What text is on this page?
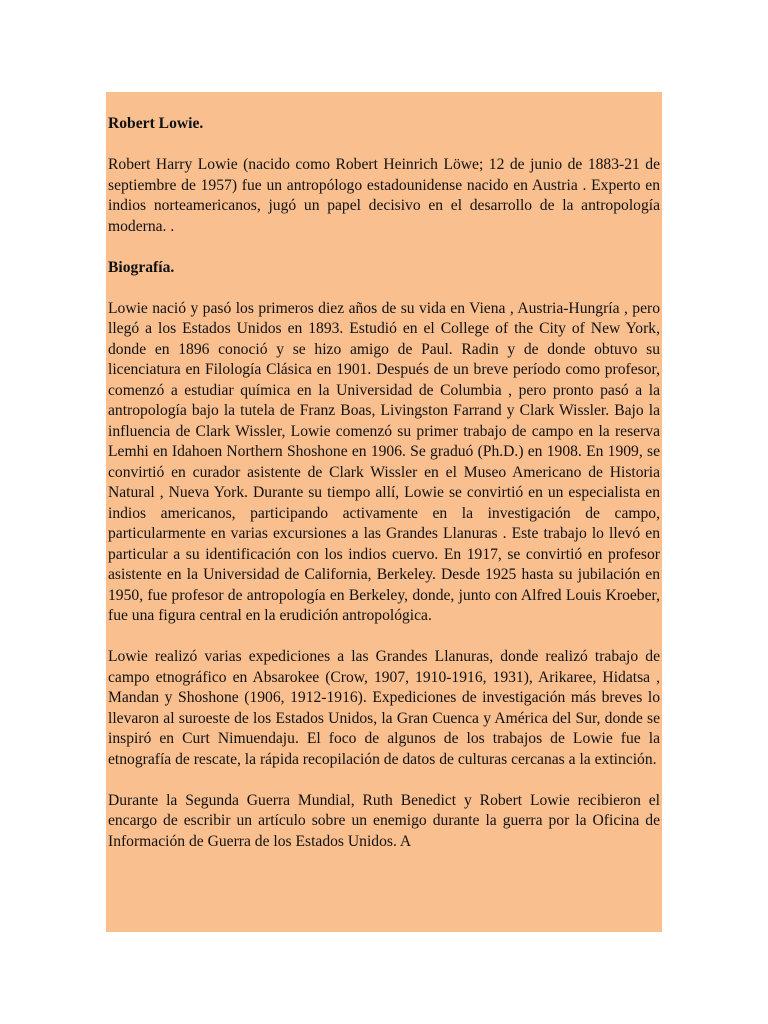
Robert Lowie.
Robert Harry Lowie (nacido como Robert Heinrich Löwe; 12 de junio de 1883-21 de septiembre de 1957) fue un antropólogo estadounidense nacido en Austria . Experto en indios norteamericanos, jugó un papel decisivo en el desarrollo de la antropología moderna. .
Biografía.
Lowie nació y pasó los primeros diez años de su vida en Viena , Austria-Hungría , pero llegó a los Estados Unidos en 1893. Estudió en el College of the City of New York, donde en 1896 conoció y se hizo amigo de Paul. Radin y de donde obtuvo su licenciatura en Filología Clásica en 1901. Después de un breve período como profesor, comenzó a estudiar química en la Universidad de Columbia , pero pronto pasó a la antropología bajo la tutela de Franz Boas, Livingston Farrand y Clark Wissler. Bajo la influencia de Clark Wissler, Lowie comenzó su primer trabajo de campo en la reserva Lemhi en Idahoen Northern Shoshone en 1906. Se graduó (Ph.D.) en 1908. En 1909, se convirtió en curador asistente de Clark Wissler en el Museo Americano de Historia Natural , Nueva York. Durante su tiempo allí, Lowie se convirtió en un especialista en indios americanos, participando activamente en la investigación de campo, particularmente en varias excursiones a las Grandes Llanuras . Este trabajo lo llevó en particular a su identificación con los indios cuervo. En 1917, se convirtió en profesor asistente en la Universidad de California, Berkeley. Desde 1925 hasta su jubilación en 1950, fue profesor de antropología en Berkeley, donde, junto con Alfred Louis Kroeber, fue una figura central en la erudición antropológica.
Lowie realizó varias expediciones a las Grandes Llanuras, donde realizó trabajo de campo etnográfico en Absarokee (Crow, 1907, 1910-1916, 1931), Arikaree, Hidatsa , Mandan y Shoshone (1906, 1912-1916). Expediciones de investigación más breves lo llevaron al suroeste de los Estados Unidos, la Gran Cuenca y América del Sur, donde se inspiró en Curt Nimuendaju. El foco de algunos de los trabajos de Lowie fue la etnografía de rescate, la rápida recopilación de datos de culturas cercanas a la extinción.
Durante la Segunda Guerra Mundial, Ruth Benedict y Robert Lowie recibieron el encargo de escribir un artículo sobre un enemigo durante la guerra por la Oficina de Información de Guerra de los Estados Unidos. A
